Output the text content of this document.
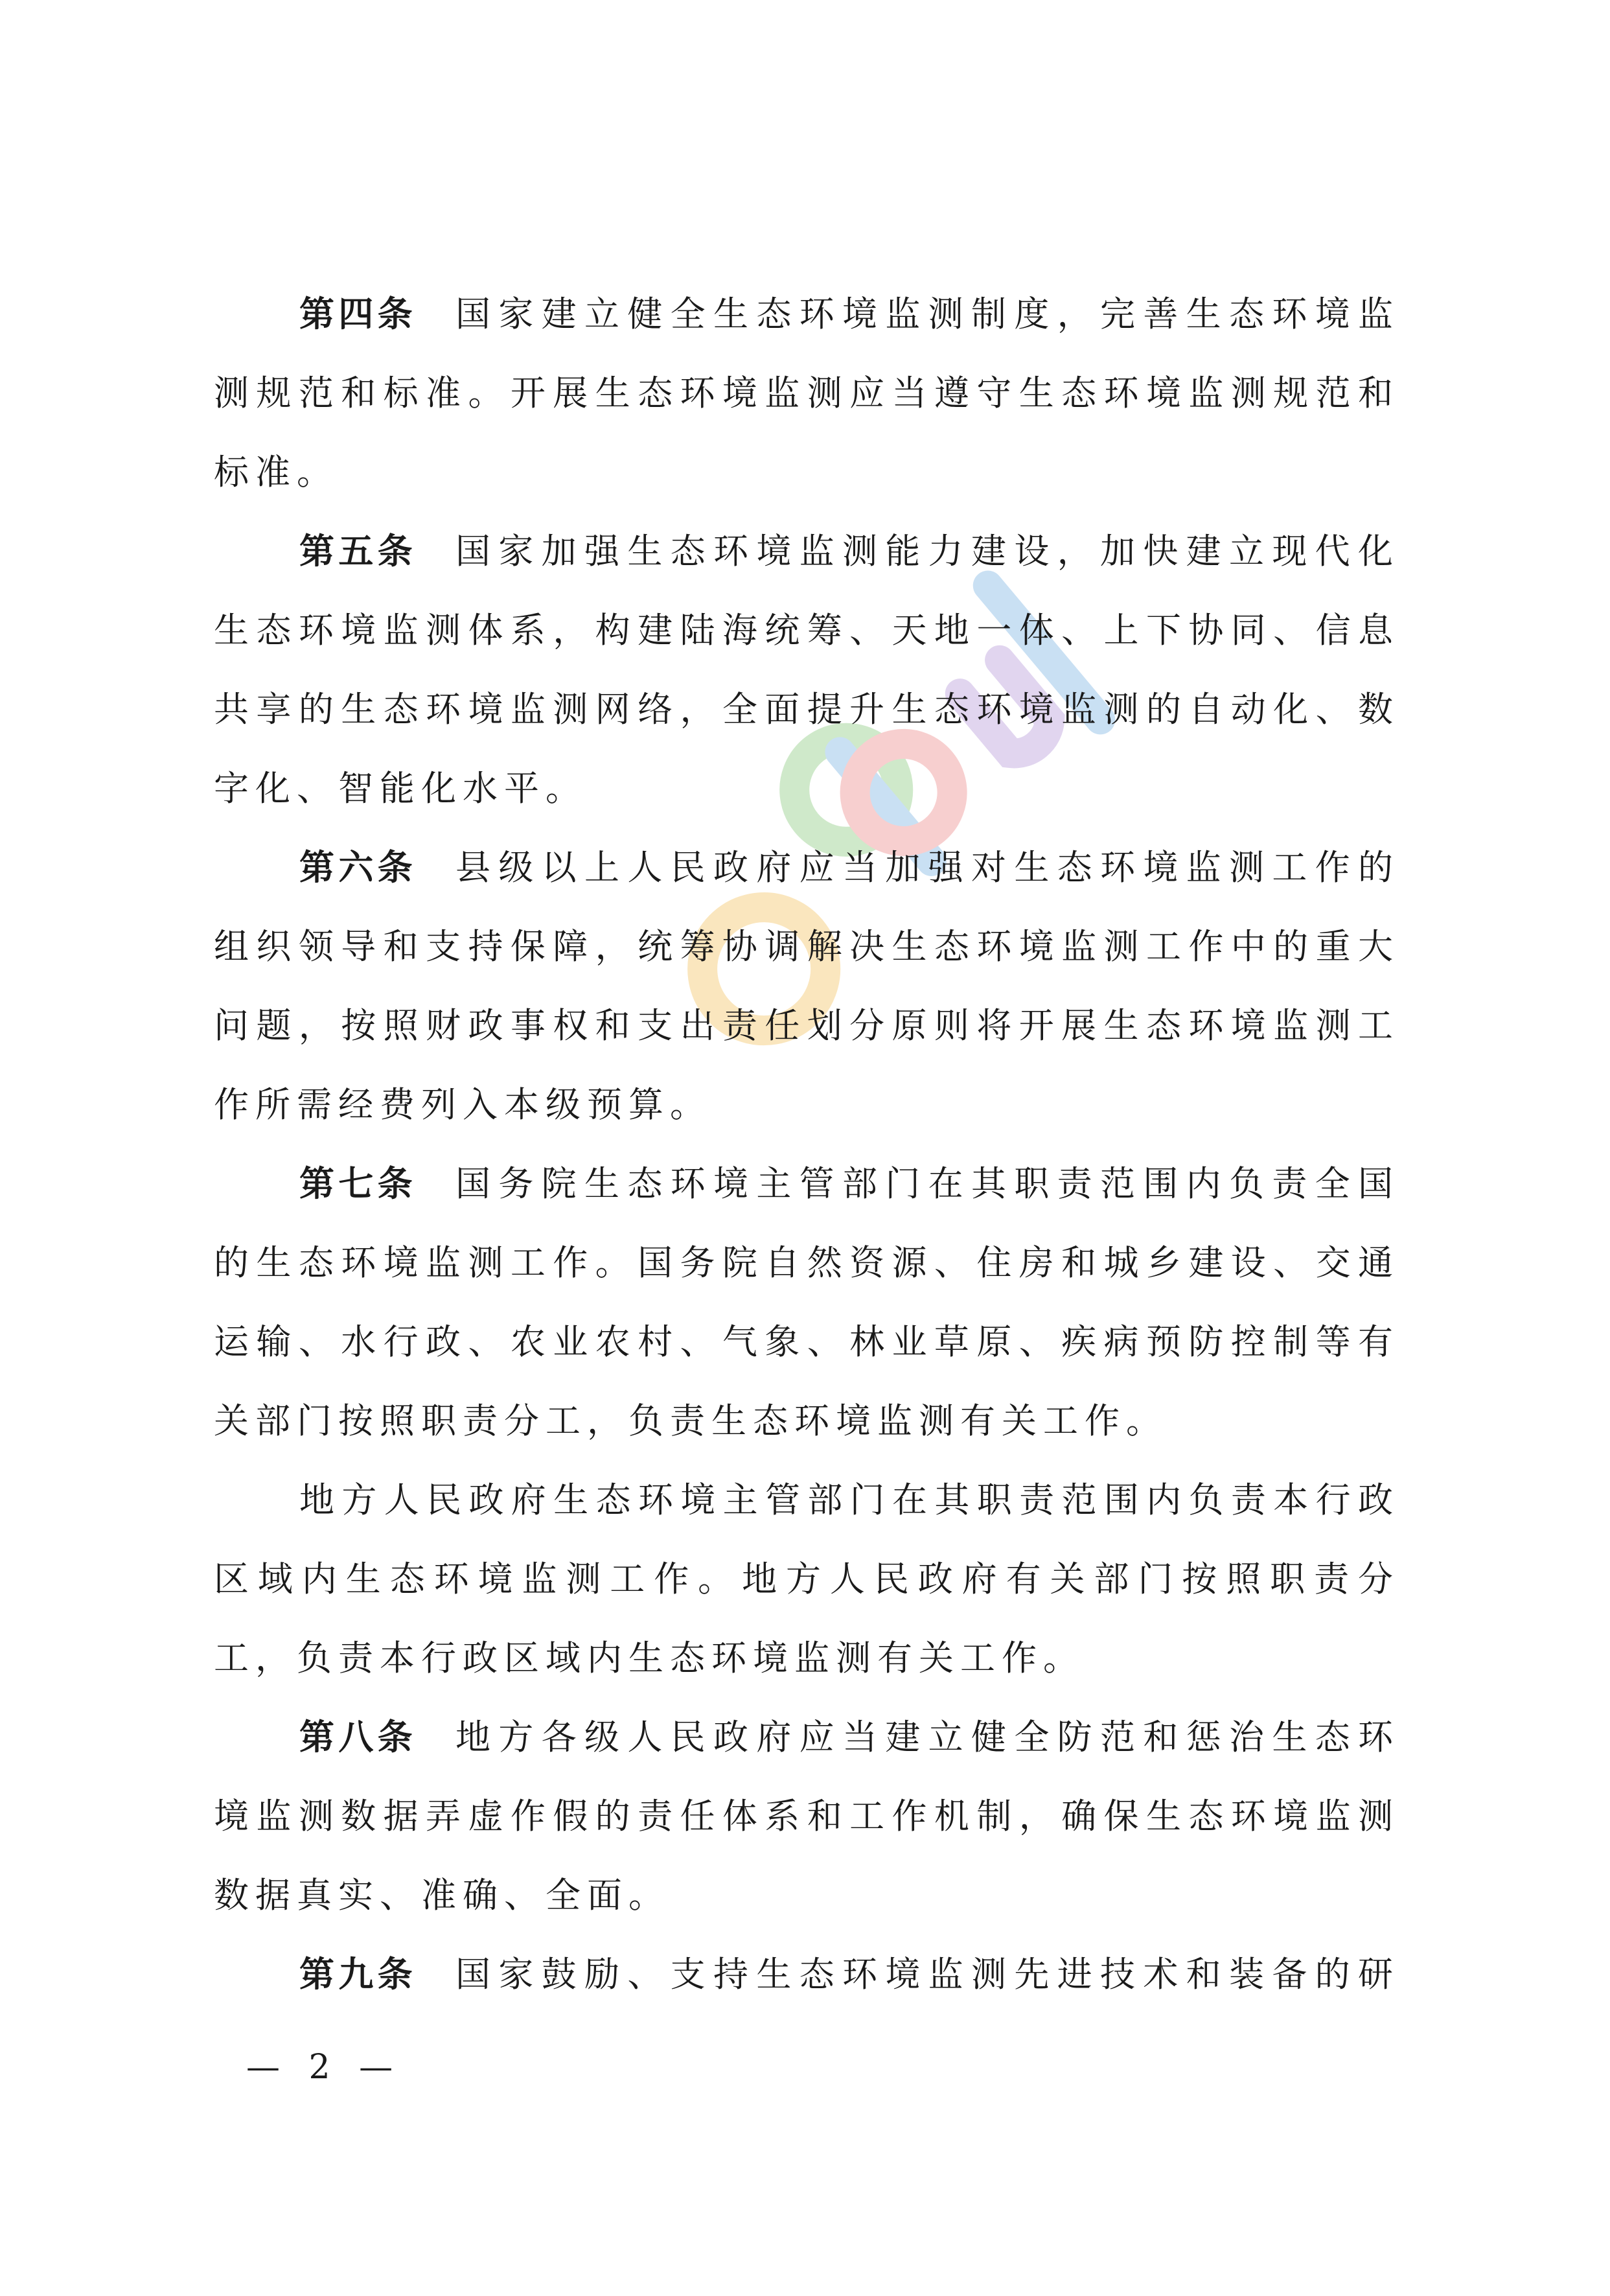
第四条 国家建立健全生态环境监测制度，完善生态环境监
测规范和标准。开展生态环境监测应当遵守生态环境监测规范和
标准。
第五条 国家加强生态环境监测能力建设，加快建立现代化
生态环境监测体系，构建陆海统筹、天地一体、上下协同、信息
共享的生态环境监测网络，全面提升生态环境监测的自动化、数
字化、智能化水平。
第六条 县级以上人民政府应当加强对生态环境监测工作的
组织领导和支持保障，统筹协调解决生态环境监测工作中的重大
问题，按照财政事权和支出责任划分原则将开展生态环境监测工
作所需经费列入本级预算。
第七条 国务院生态环境主管部门在其职责范围内负责全国
的生态环境监测工作。国务院自然资源、住房和城乡建设、交通
运输、水行政、农业农村、气象、林业草原、疾病预防控制等有
关部门按照职责分工，负责生态环境监测有关工作。
地方人民政府生态环境主管部门在其职责范围内负责本行政
区域内生态环境监测工作。地方人民政府有关部门按照职责分
工，负责本行政区域内生态环境监测有关工作。
第八条 地方各级人民政府应当建立健全防范和惩治生态环
境监测数据弄虚作假的责任体系和工作机制，确保生态环境监测
数据真实、准确、全面。
第九条 国家鼓励、支持生态环境监测先进技术和装备的研
— 2 —
